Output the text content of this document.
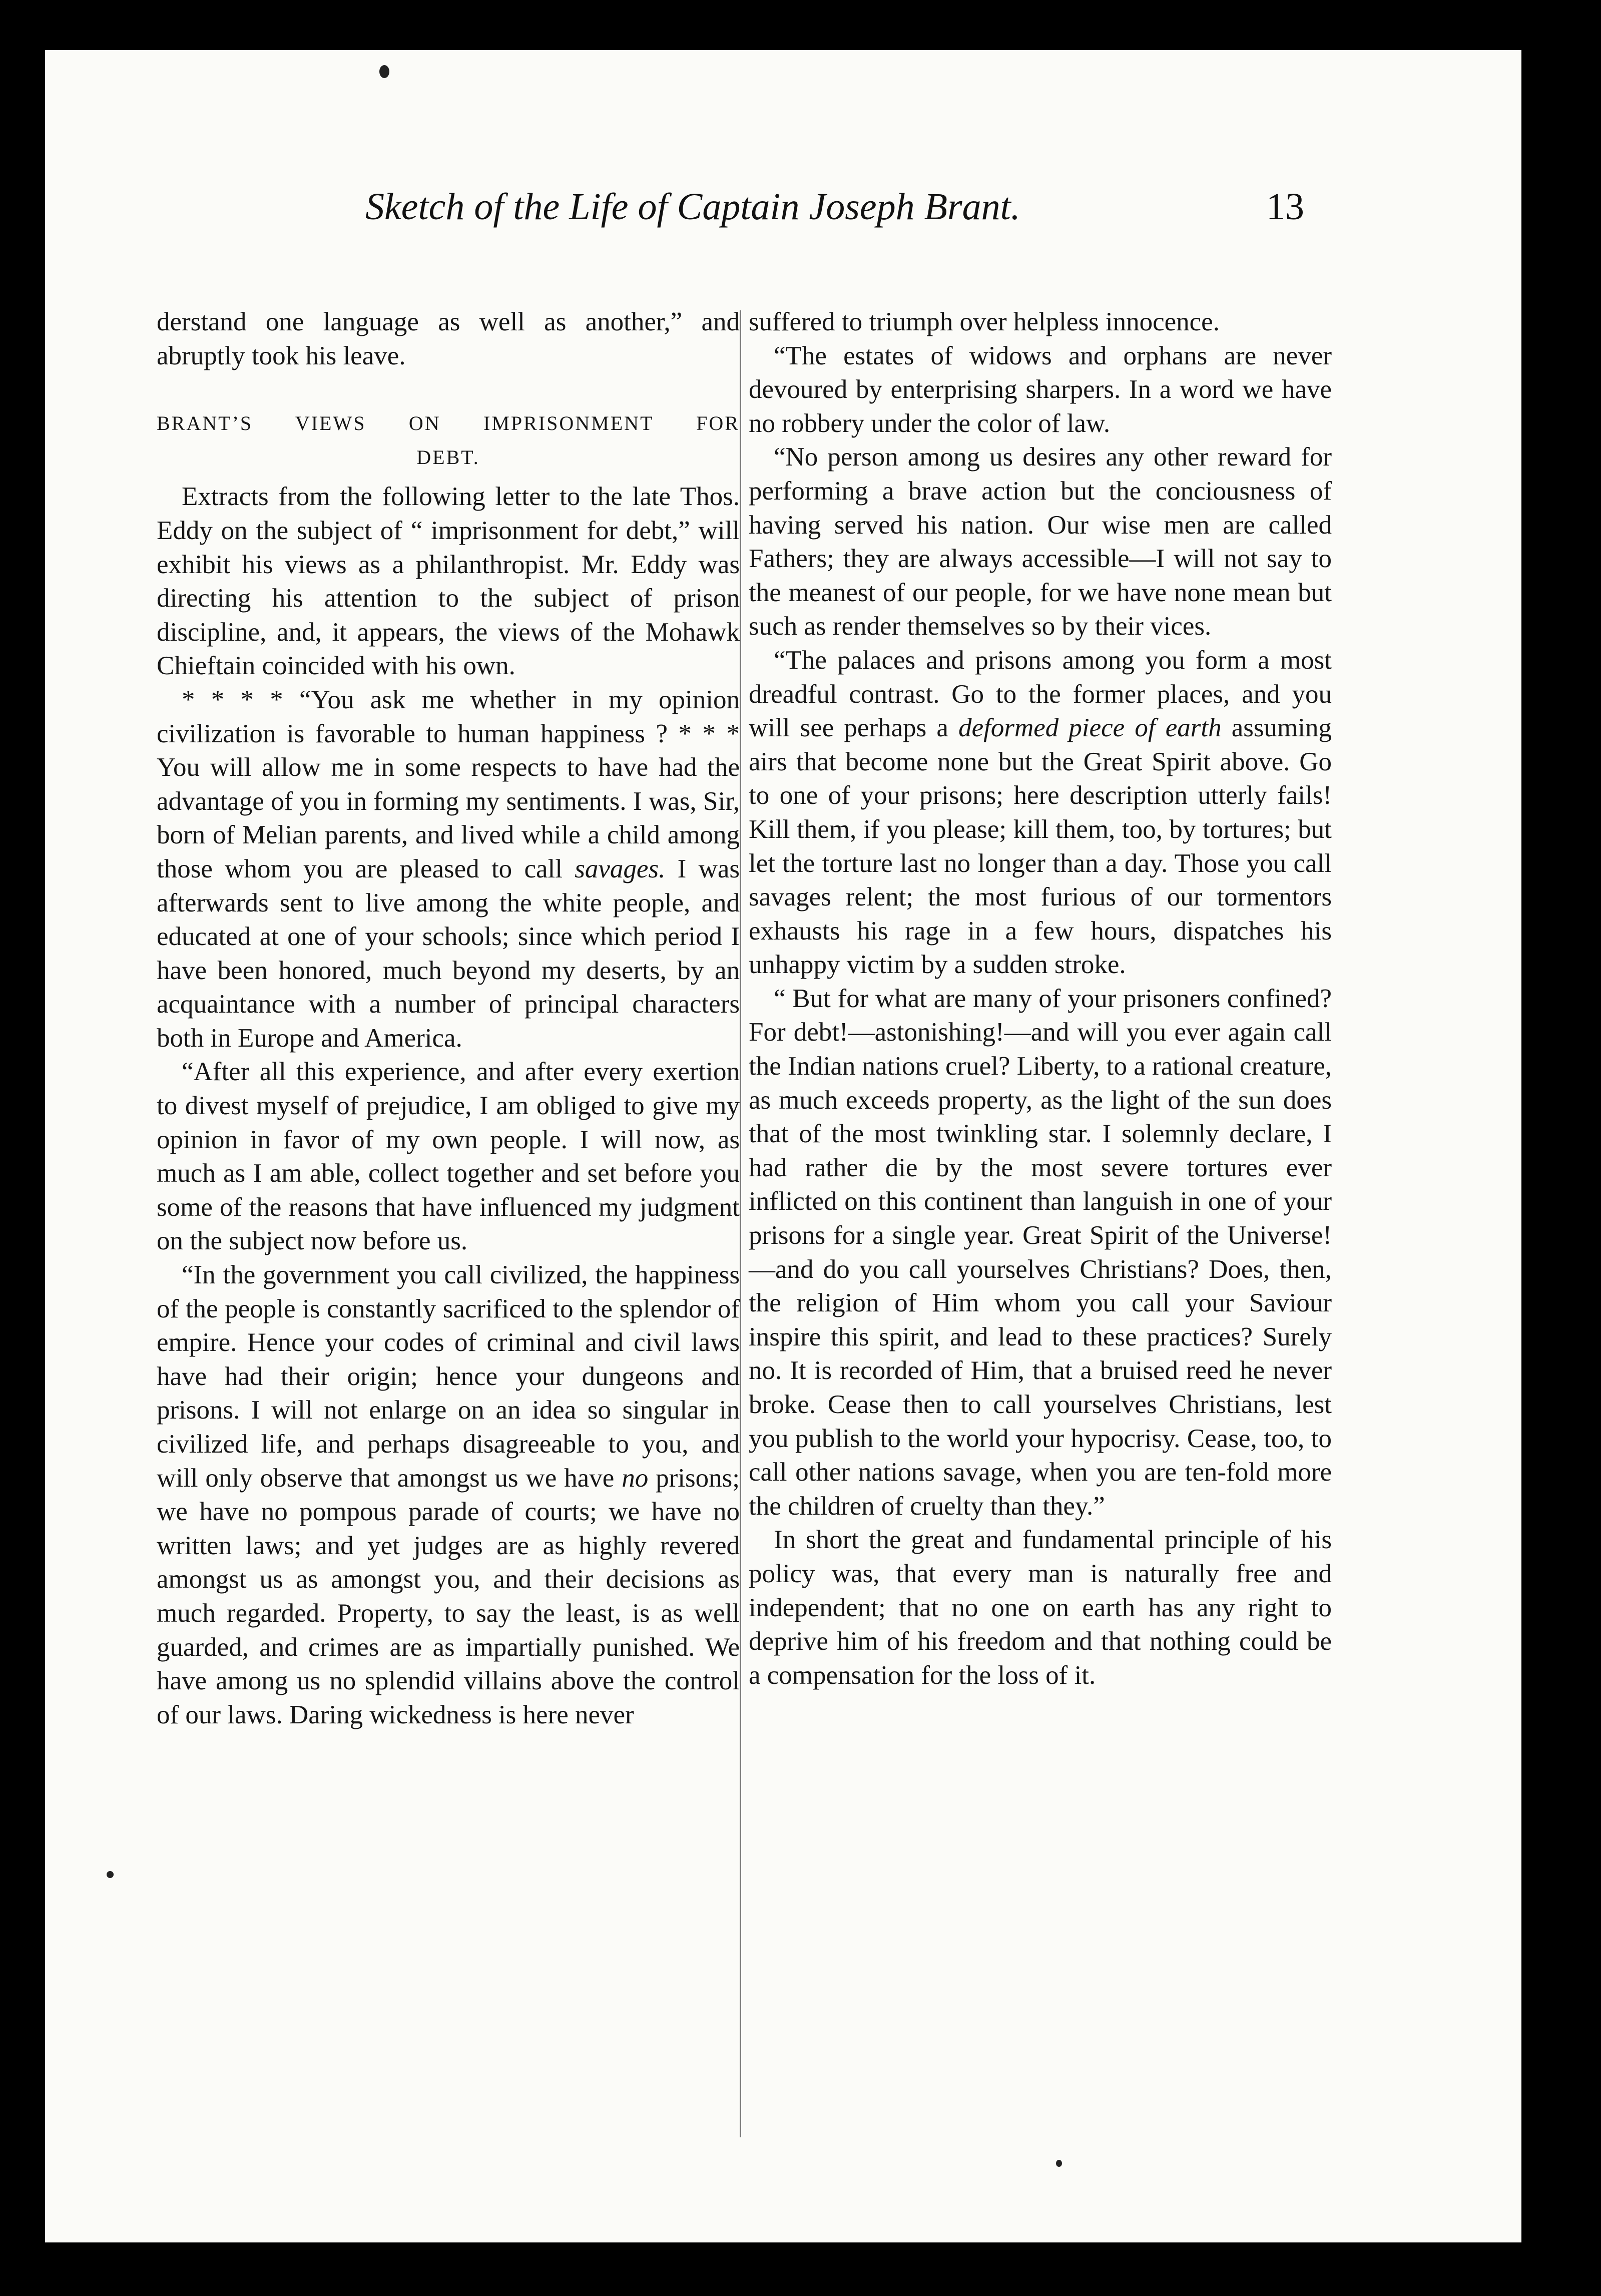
Sketch of the Life of Captain Joseph Brant.	13

derstand one language as well as another,” and abruptly took his leave.

BRANT’S VIEWS ON IMPRISONMENT FOR
DEBT.

Extracts from the following letter to the late Thos. Eddy on the subject of “ imprisonment for debt,” will exhibit his views as a philanthropist. Mr. Eddy was directing his attention to the subject of prison discipline, and, it appears, the views of the Mohawk Chieftain coincided with his own.

* * * * “You ask me whether in my opinion civilization is favorable to human happiness ? * * * You will allow me in some respects to have had the advantage of you in forming my sentiments. I was, Sir, born of Melian parents, and lived while a child among those whom you are pleased to call savages. I was afterwards sent to live among the white people, and educated at one of your schools; since which period I have been honored, much beyond my deserts, by an acquaintance with a number of principal characters both in Europe and America.

“After all this experience, and after every exertion to divest myself of prejudice, I am obliged to give my opinion in favor of my own people. I will now, as much as I am able, collect together and set before you some of the reasons that have influenced my judgment on the subject now before us.

“In the government you call civilized, the happiness of the people is constantly sacrificed to the splendor of empire. Hence your codes of criminal and civil laws have had their origin; hence your dungeons and prisons. I will not enlarge on an idea so singular in civilized life, and perhaps disagreeable to you, and will only observe that amongst us we have no prisons; we have no pompous parade of courts; we have no written laws; and yet judges are as highly revered amongst us as amongst you, and their decisions as much regarded. Property, to say the least, is as well guarded, and crimes are as impartially punished. We have among us no splendid villains above the control of our laws. Daring wickedness is here never

suffered to triumph over helpless innocence.

“The estates of widows and orphans are never devoured by enterprising sharpers. In a word we have no robbery under the color of law.

“No person among us desires any other reward for performing a brave action but the conciousness of having served his nation. Our wise men are called Fathers; they are always accessible—I will not say to the meanest of our people, for we have none mean but such as render themselves so by their vices.

“The palaces and prisons among you form a most dreadful contrast. Go to the former places, and you will see perhaps a deformed piece of earth assuming airs that become none but the Great Spirit above. Go to one of your prisons; here description utterly fails! Kill them, if you please; kill them, too, by tortures; but let the torture last no longer than a day. Those you call savages relent; the most furious of our tormentors exhausts his rage in a few hours, dispatches his unhappy victim by a sudden stroke.

“ But for what are many of your prisoners confined? For debt!—astonishing!—and will you ever again call the Indian nations cruel? Liberty, to a rational creature, as much exceeds property, as the light of the sun does that of the most twinkling star. I solemnly declare, I had rather die by the most severe tortures ever inflicted on this continent than languish in one of your prisons for a single year. Great Spirit of the Universe!—and do you call yourselves Christians? Does, then, the religion of Him whom you call your Saviour inspire this spirit, and lead to these practices? Surely no. It is recorded of Him, that a bruised reed he never broke. Cease then to call yourselves Christians, lest you publish to the world your hypocrisy. Cease, too, to call other nations savage, when you are ten-fold more the children of cruelty than they.”

In short the great and fundamental principle of his policy was, that every man is naturally free and independent; that no one on earth has any right to deprive him of his freedom and that nothing could be a compensation for the loss of it.
